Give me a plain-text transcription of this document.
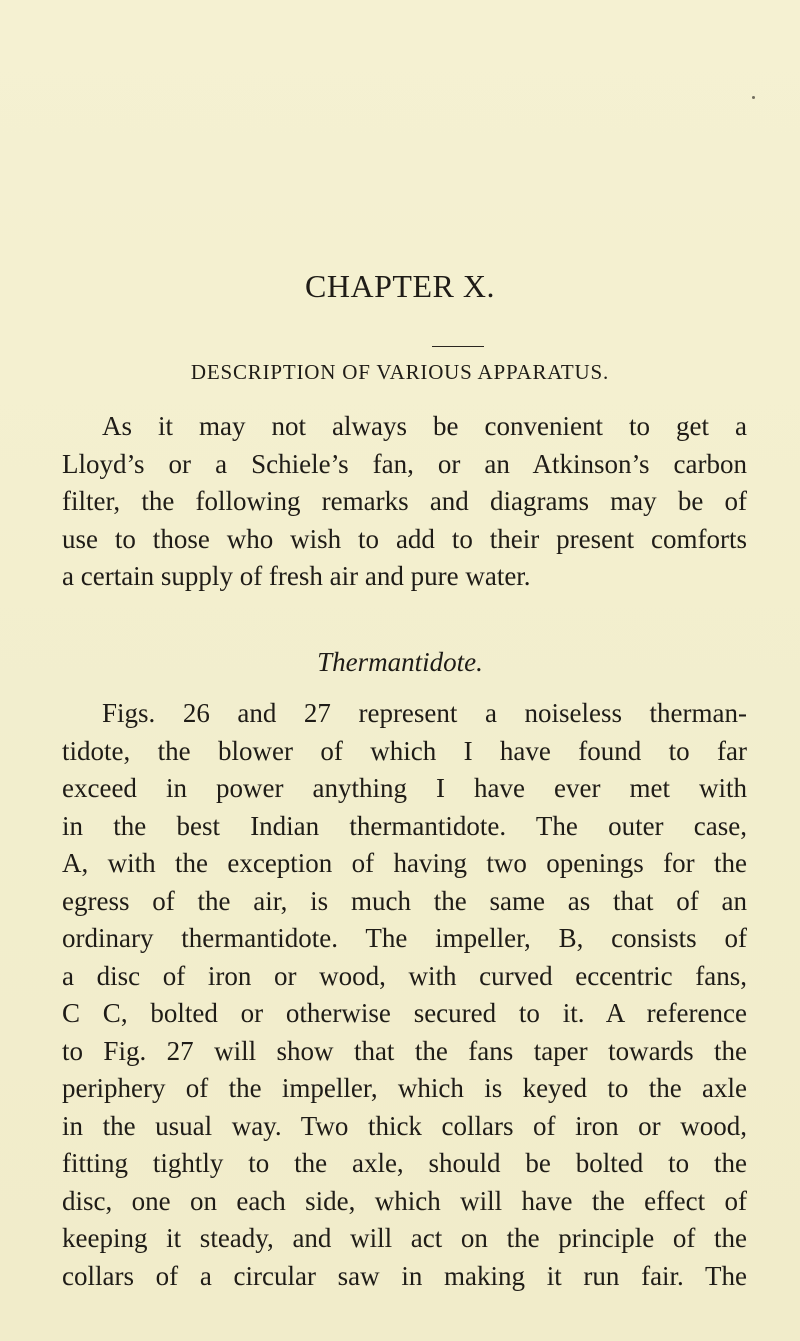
CHAPTER X.
DESCRIPTION OF VARIOUS APPARATUS.
As it may not always be convenient to get a
Lloyd’s or a Schiele’s fan, or an Atkinson’s carbon
filter, the following remarks and diagrams may be of
use to those who wish to add to their present comforts
a certain supply of fresh air and pure water.
Thermantidote.
Figs. 26 and 27 represent a noiseless therman-
tidote, the blower of which I have found to far
exceed in power anything I have ever met with
in the best Indian thermantidote. The outer case,
A, with the exception of having two openings for the
egress of the air, is much the same as that of an
ordinary thermantidote. The impeller, B, consists of
a disc of iron or wood, with curved eccentric fans,
C C, bolted or otherwise secured to it. A reference
to Fig. 27 will show that the fans taper towards the
periphery of the impeller, which is keyed to the axle
in the usual way. Two thick collars of iron or wood,
fitting tightly to the axle, should be bolted to the
disc, one on each side, which will have the effect of
keeping it steady, and will act on the principle of the
collars of a circular saw in making it run fair. The
